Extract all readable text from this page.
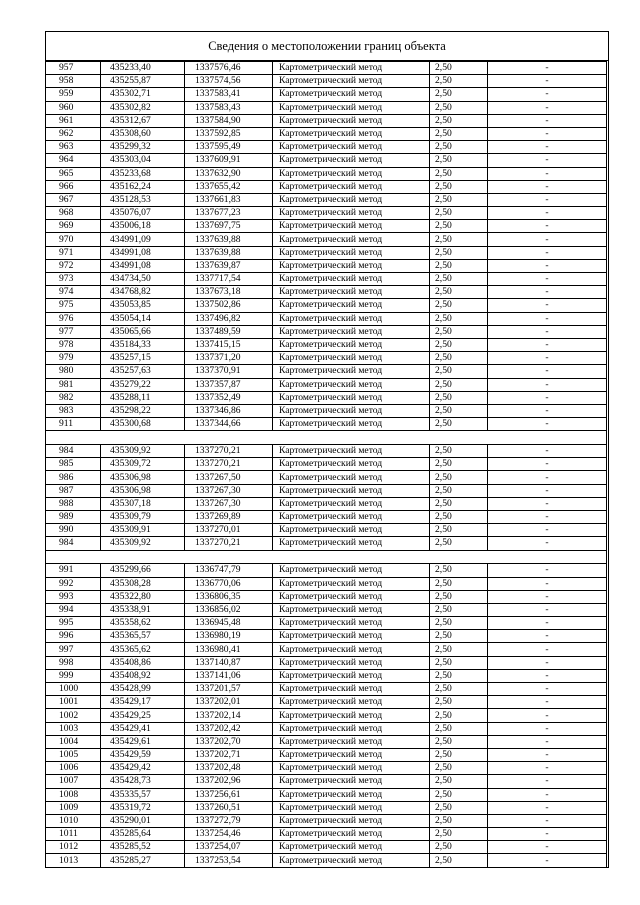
Сведения о местоположении границ объекта
957	435233,40	1337576,46	Картометрический метод	2,50	-
958	435255,87	1337574,56	Картометрический метод	2,50	-
959	435302,71	1337583,41	Картометрический метод	2,50	-
960	435302,82	1337583,43	Картометрический метод	2,50	-
961	435312,67	1337584,90	Картометрический метод	2,50	-
962	435308,60	1337592,85	Картометрический метод	2,50	-
963	435299,32	1337595,49	Картометрический метод	2,50	-
964	435303,04	1337609,91	Картометрический метод	2,50	-
965	435233,68	1337632,90	Картометрический метод	2,50	-
966	435162,24	1337655,42	Картометрический метод	2,50	-
967	435128,53	1337661,83	Картометрический метод	2,50	-
968	435076,07	1337677,23	Картометрический метод	2,50	-
969	435006,18	1337697,75	Картометрический метод	2,50	-
970	434991,09	1337639,88	Картометрический метод	2,50	-
971	434991,08	1337639,88	Картометрический метод	2,50	-
972	434991,08	1337639,87	Картометрический метод	2,50	-
973	434734,50	1337717,54	Картометрический метод	2,50	-
974	434768,82	1337673,18	Картометрический метод	2,50	-
975	435053,85	1337502,86	Картометрический метод	2,50	-
976	435054,14	1337496,82	Картометрический метод	2,50	-
977	435065,66	1337489,59	Картометрический метод	2,50	-
978	435184,33	1337415,15	Картометрический метод	2,50	-
979	435257,15	1337371,20	Картометрический метод	2,50	-
980	435257,63	1337370,91	Картометрический метод	2,50	-
981	435279,22	1337357,87	Картометрический метод	2,50	-
982	435288,11	1337352,49	Картометрический метод	2,50	-
983	435298,22	1337346,86	Картометрический метод	2,50	-
911	435300,68	1337344,66	Картометрический метод	2,50	-

984	435309,92	1337270,21	Картометрический метод	2,50	-
985	435309,72	1337270,21	Картометрический метод	2,50	-
986	435306,98	1337267,50	Картометрический метод	2,50	-
987	435306,98	1337267,30	Картометрический метод	2,50	-
988	435307,18	1337267,30	Картометрический метод	2,50	-
989	435309,79	1337269,89	Картометрический метод	2,50	-
990	435309,91	1337270,01	Картометрический метод	2,50	-
984	435309,92	1337270,21	Картометрический метод	2,50	-

991	435299,66	1336747,79	Картометрический метод	2,50	-
992	435308,28	1336770,06	Картометрический метод	2,50	-
993	435322,80	1336806,35	Картометрический метод	2,50	-
994	435338,91	1336856,02	Картометрический метод	2,50	-
995	435358,62	1336945,48	Картометрический метод	2,50	-
996	435365,57	1336980,19	Картометрический метод	2,50	-
997	435365,62	1336980,41	Картометрический метод	2,50	-
998	435408,86	1337140,87	Картометрический метод	2,50	-
999	435408,92	1337141,06	Картометрический метод	2,50	-
1000	435428,99	1337201,57	Картометрический метод	2,50	-
1001	435429,17	1337202,01	Картометрический метод	2,50	-
1002	435429,25	1337202,14	Картометрический метод	2,50	-
1003	435429,41	1337202,42	Картометрический метод	2,50	-
1004	435429,61	1337202,70	Картометрический метод	2,50	-
1005	435429,59	1337202,71	Картометрический метод	2,50	-
1006	435429,42	1337202,48	Картометрический метод	2,50	-
1007	435428,73	1337202,96	Картометрический метод	2,50	-
1008	435335,57	1337256,61	Картометрический метод	2,50	-
1009	435319,72	1337260,51	Картометрический метод	2,50	-
1010	435290,01	1337272,79	Картометрический метод	2,50	-
1011	435285,64	1337254,46	Картометрический метод	2,50	-
1012	435285,52	1337254,07	Картометрический метод	2,50	-
1013	435285,27	1337253,54	Картометрический метод	2,50	-
